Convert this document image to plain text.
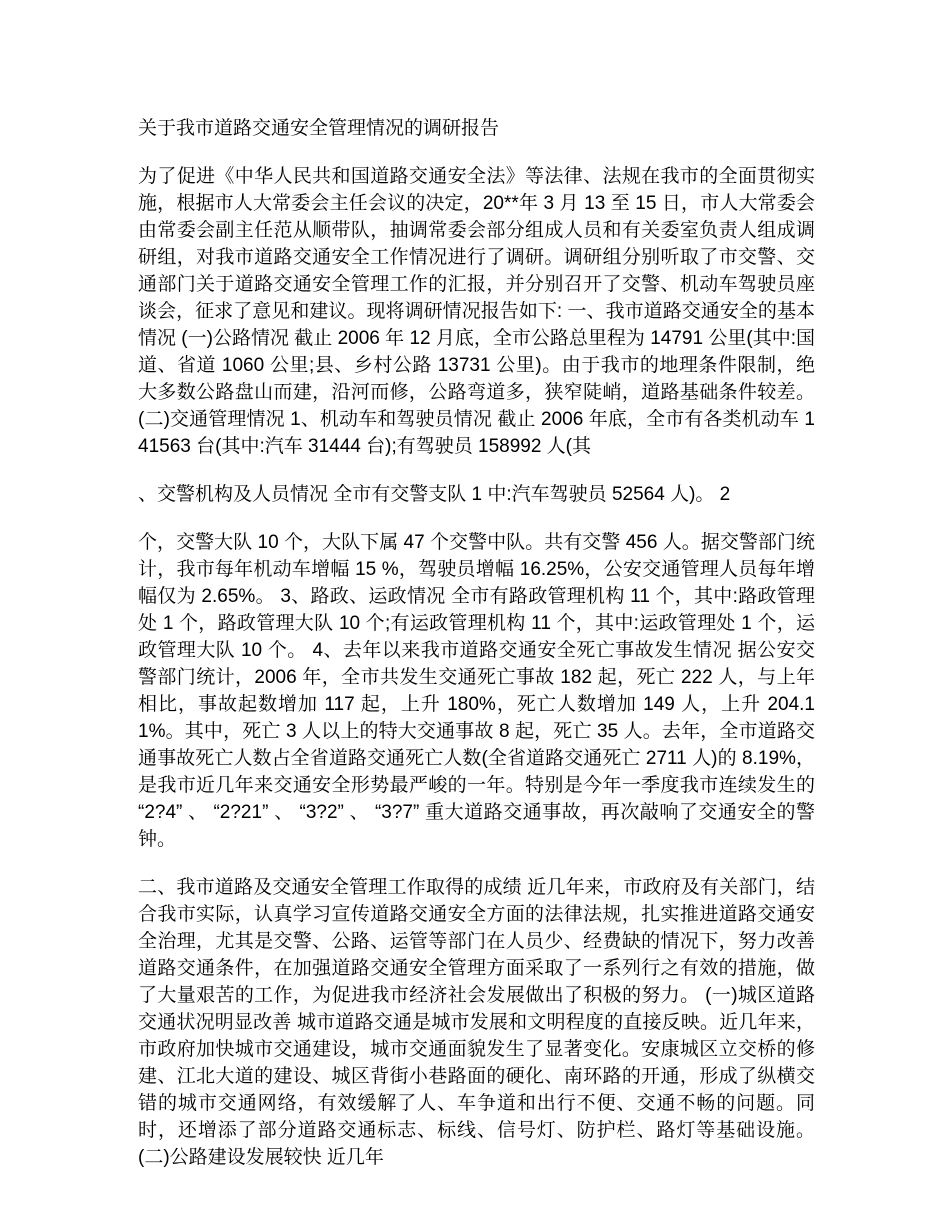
关于我市道路交通安全管理情况的调研报告
为了促进《中华人民共和国道路交通安全法》等法律、法规在我市的全面贯彻实施，根据市人大常委会主任会议的决定，20**年 3 月 13 至 15 日，市人大常委会由常委会副主任范从顺带队，抽调常委会部分组成人员和有关委室负责人组成调研组，对我市道路交通安全工作情况进行了调研。调研组分别听取了市交警、交通部门关于道路交通安全管理工作的汇报，并分别召开了交警、机动车驾驶员座谈会，征求了意见和建议。现将调研情况报告如下: 一、我市道路交通安全的基本情况 (一)公路情况 截止 2006 年 12 月底，全市公路总里程为 14791 公里(其中:国道、省道 1060 公里;县、乡村公路 13731 公里)。由于我市的地理条件限制，绝大多数公路盘山而建，沿河而修，公路弯道多，狭窄陡峭，道路基础条件较差。 (二)交通管理情况 1、机动车和驾驶员情况 截止 2006 年底，全市有各类机动车 141563 台(其中:汽车 31444 台);有驾驶员 158992 人(其
、交警机构及人员情况 全市有交警支队 1 中:汽车驾驶员 52564 人)。 2
个，交警大队 10 个，大队下属 47 个交警中队。共有交警 456 人。据交警部门统计，我市每年机动车增幅 15 %，驾驶员增幅 16.25%，公安交通管理人员每年增幅仅为 2.65%。 3、路政、运政情况 全市有路政管理机构 11 个，其中:路政管理处 1 个，路政管理大队 10 个;有运政管理机构 11 个，其中:运政管理处 1 个，运政管理大队 10 个。 4、去年以来我市道路交通安全死亡事故发生情况 据公安交警部门统计，2006 年，全市共发生交通死亡事故 182 起，死亡 222 人，与上年相比，事故起数增加 117 起，上升 180%，死亡人数增加 149 人，上升 204.11%。其中，死亡 3 人以上的特大交通事故 8 起，死亡 35 人。去年，全市道路交通事故死亡人数占全省道路交通死亡人数(全省道路交通死亡 2711 人)的 8.19%，是我市近几年来交通安全形势最严峻的一年。特别是今年一季度我市连续发生的 “2?4” 、 “2?21” 、 “3?2” 、 “3?7” 重大道路交通事故，再次敲响了交通安全的警钟。
二、我市道路及交通安全管理工作取得的成绩 近几年来，市政府及有关部门，结合我市实际，认真学习宣传道路交通安全方面的法律法规，扎实推进道路交通安全治理，尤其是交警、公路、运管等部门在人员少、经费缺的情况下，努力改善道路交通条件，在加强道路交通安全管理方面采取了一系列行之有效的措施，做了大量艰苦的工作，为促进我市经济社会发展做出了积极的努力。 (一)城区道路交通状况明显改善 城市道路交通是城市发展和文明程度的直接反映。近几年来，市政府加快城市交通建设，城市交通面貌发生了显著变化。安康城区立交桥的修建、江北大道的建设、城区背街小巷路面的硬化、南环路的开通，形成了纵横交错的城市交通网络，有效缓解了人、车争道和出行不便、交通不畅的问题。同时，还增添了部分道路交通标志、标线、信号灯、防护栏、路灯等基础设施。 (二)公路建设发展较快 近几年
